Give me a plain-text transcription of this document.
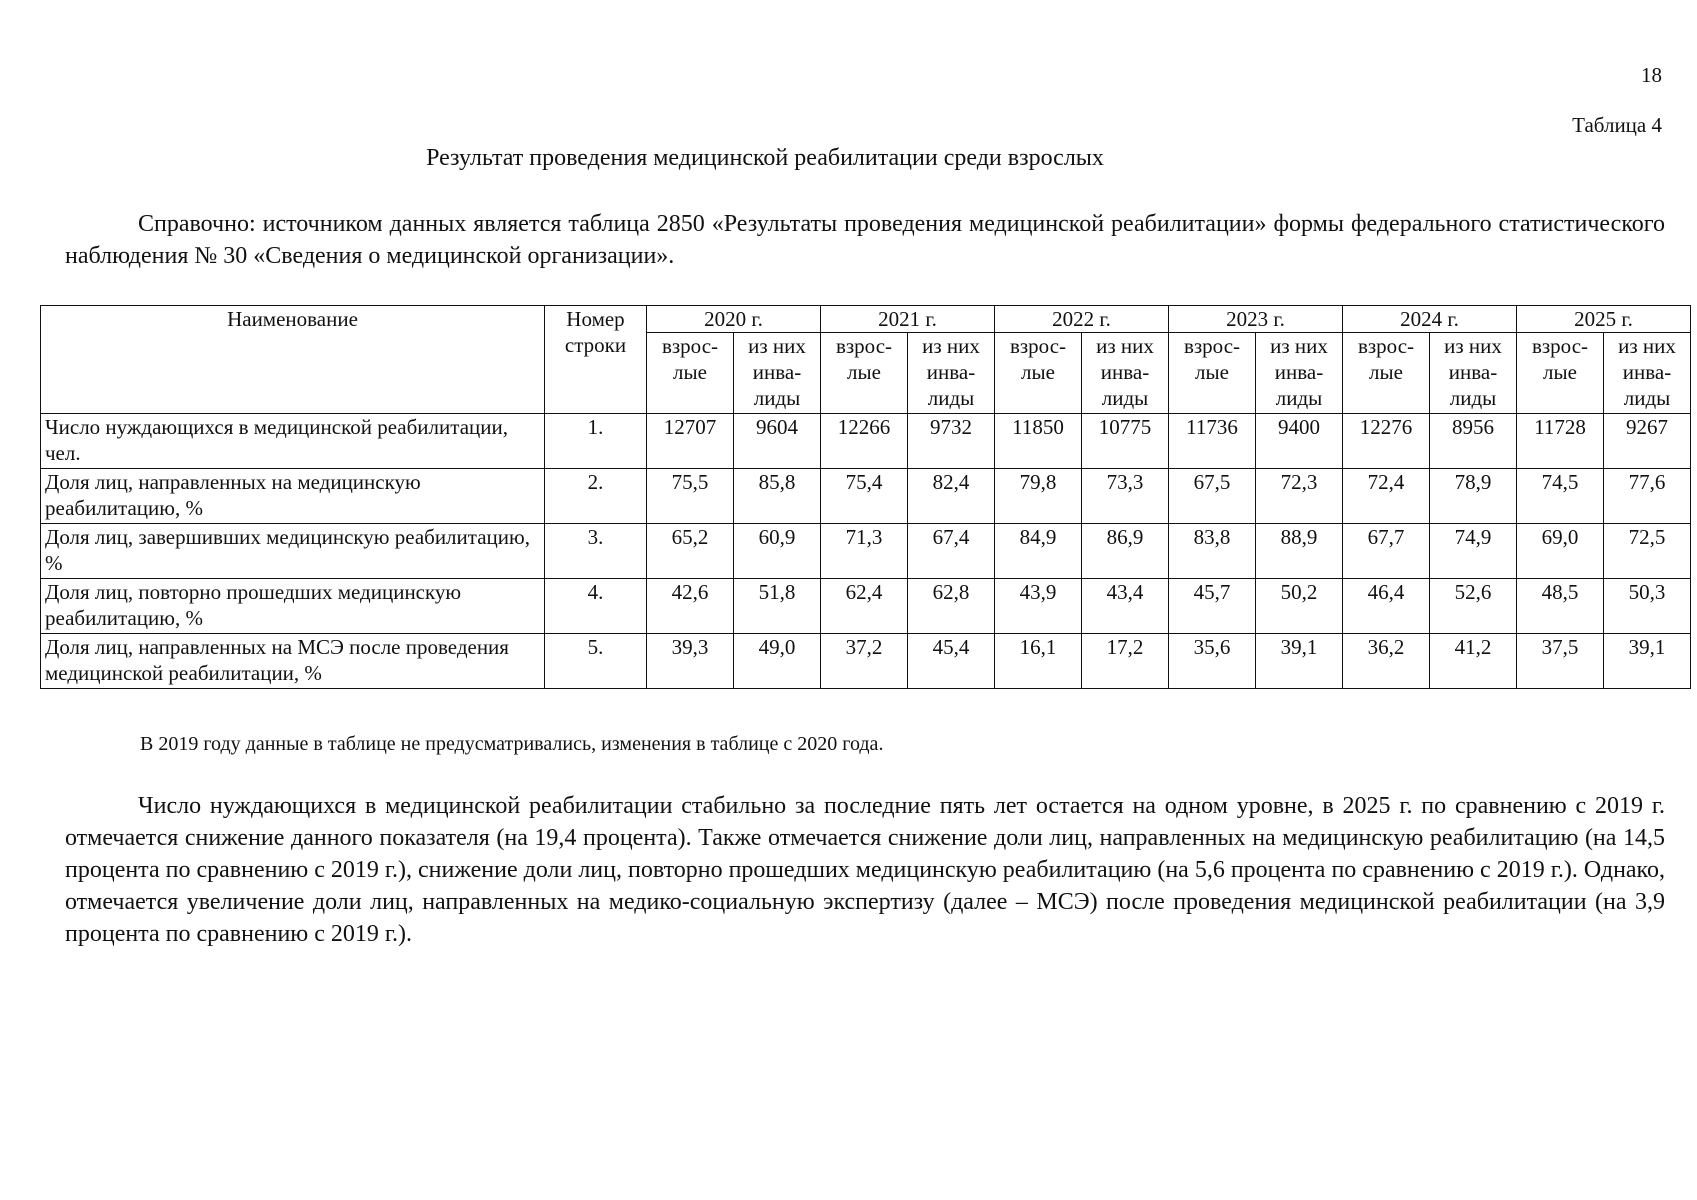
18
Таблица 4
Результат проведения медицинской реабилитации среди взрослых
Справочно: источником данных является таблица 2850 «Результаты проведения медицинской реабилитации» формы федерального статистического наблюдения № 30 «Сведения о медицинской организации».
Наименование	Номер строки	2020 г.		2021 г.		2022 г.		2023 г.		2024 г.		2025 г.	
		взрос-лые	из них инва-лиды	взрос-лые	из них инва-лиды	взрос-лые	из них инва-лиды	взрос-лые	из них инва-лиды	взрос-лые	из них инва-лиды	взрос-лые	из них инва-лиды
Число нуждающихся в медицинской реабилитации, чел.	1.	12707	9604	12266	9732	11850	10775	11736	9400	12276	8956	11728	9267
Доля лиц, направленных на медицинскую реабилитацию, %	2.	75,5	85,8	75,4	82,4	79,8	73,3	67,5	72,3	72,4	78,9	74,5	77,6
Доля лиц, завершивших медицинскую реабилитацию, %	3.	65,2	60,9	71,3	67,4	84,9	86,9	83,8	88,9	67,7	74,9	69,0	72,5
Доля лиц, повторно прошедших медицинскую реабилитацию, %	4.	42,6	51,8	62,4	62,8	43,9	43,4	45,7	50,2	46,4	52,6	48,5	50,3
Доля лиц, направленных на МСЭ после проведения медицинской реабилитации, %	5.	39,3	49,0	37,2	45,4	16,1	17,2	35,6	39,1	36,2	41,2	37,5	39,1
В 2019 году данные в таблице не предусматривались, изменения в таблице с 2020 года.
Число нуждающихся в медицинской реабилитации стабильно за последние пять лет остается на одном уровне, в 2025 г. по сравнению с 2019 г. отмечается снижение данного показателя (на 19,4 процента). Также отмечается снижение доли лиц, направленных на медицинскую реабилитацию (на 14,5 процента по сравнению с 2019 г.), снижение доли лиц, повторно прошедших медицинскую реабилитацию (на 5,6 процента по сравнению с 2019 г.). Однако, отмечается увеличение доли лиц, направленных на медико-социальную экспертизу (далее – МСЭ) после проведения медицинской реабилитации (на 3,9 процента по сравнению с 2019 г.).
